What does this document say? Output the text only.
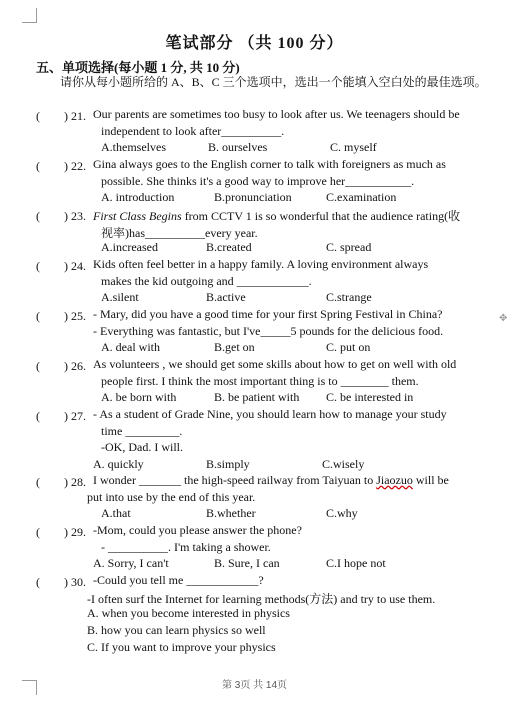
✥
笔试部分 （共 100 分）
五、单项选择(每小题 1 分, 共 10 分)
请你从每小题所给的 A、B、C 三个选项中，选出一个能填入空白处的最佳选项。
(　　) 21. Our parents are sometimes too busy to look after us. We teenagers should be
independent to look after__________.
A.themselves	B. ourselves	C. myself
(　　) 22. Gina always goes to the English corner to talk with foreigners as much as
possible. She thinks it's a good way to improve her___________.
A. introduction	B.pronunciation	C.examination
(　　) 23. First Class Begins from CCTV 1 is so wonderful that the audience rating(收
视率)has__________every year.
A.increased	B.created	C. spread
(　　) 24. Kids often feel better in a happy family. A loving environment always
makes the kid outgoing and ____________.
A.silent	B.active	C.strange
(　　) 25. - Mary, did you have a good time for your first Spring Festival in China?
- Everything was fantastic, but I've_____5 pounds for the delicious food.
A. deal with	B.get on	C. put on
(　　) 26. As volunteers , we should get some skills about how to get on well with old
people first. I think the most important thing is to ________ them.
A. be born with	B. be patient with C. be interested in
(　　) 27. - As a student of Grade Nine, you should learn how to manage your study
time _________.
-OK, Dad. I will.
A. quickly	B.simply	C.wisely
(　　) 28. I wonder _______ the high-speed railway from Taiyuan to Jiaozuo will be
put into use by the end of this year.
A.that	B.whether	C.why
(　　) 29. -Mom, could you please answer the phone?
- __________. I'm taking a shower.
A. Sorry, I can't	B. Sure, I can	C.I hope not
(　　) 30. -Could you tell me ____________?
-I often surf the Internet for learning methods(方法) and try to use them.
A. when you become interested in physics
B. how you can learn physics so well
C. If you want to improve your physics
第 3页 共 14页
